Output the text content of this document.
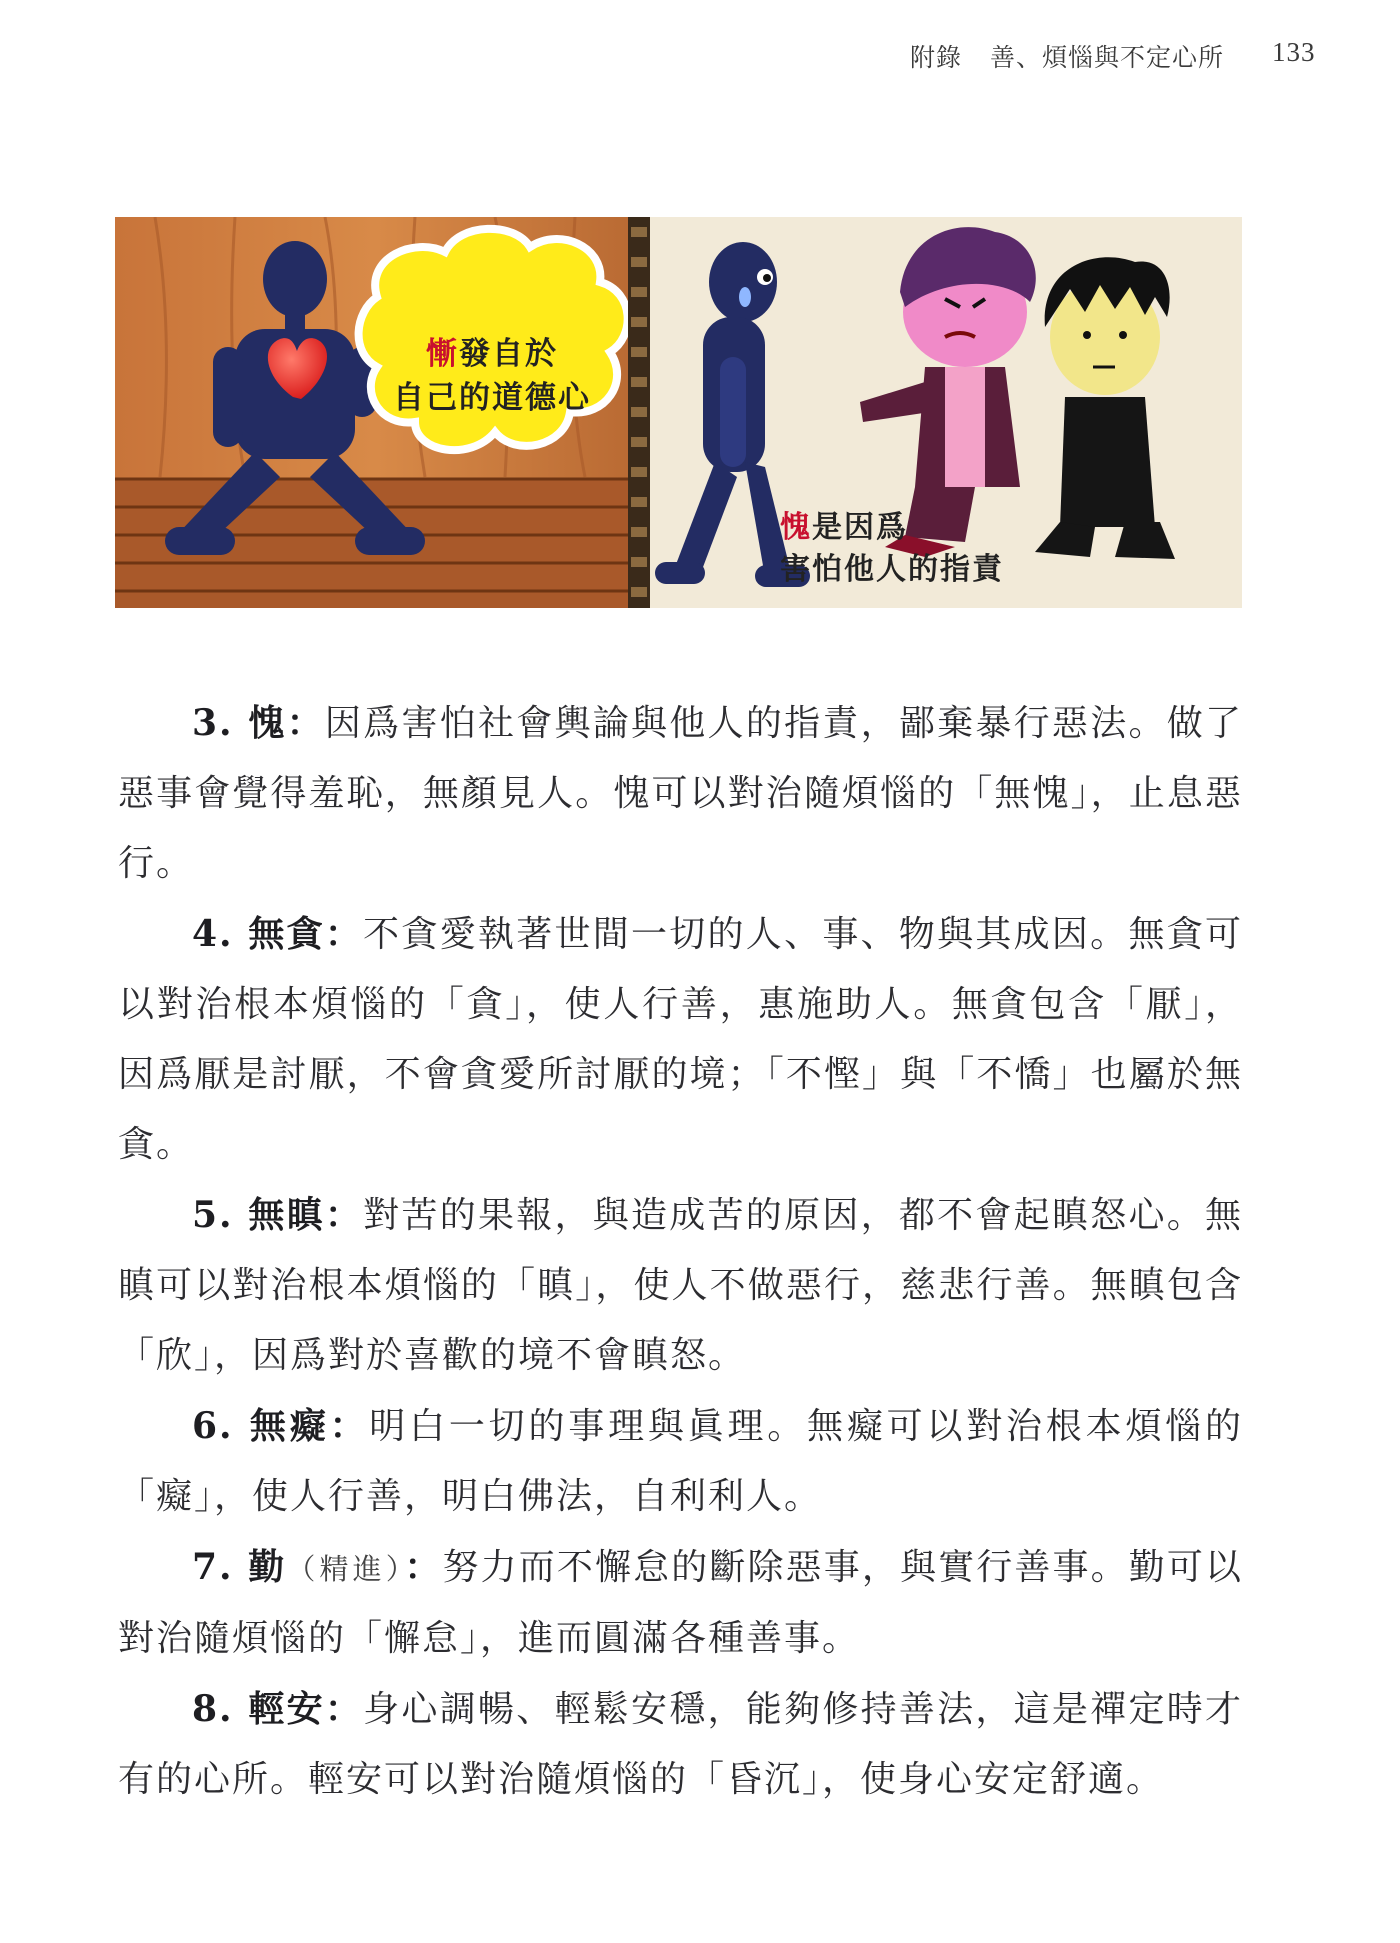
附錄 善、煩惱與不定心所 133
慚發自於
自己的道德心
愧是因爲
害怕他人的指責

3. 愧：因爲害怕社會輿論與他人的指責，鄙棄暴行惡法。做了惡事會覺得羞恥，無顏見人。愧可以對治隨煩惱的「無愧」，止息惡行。

4. 無貪：不貪愛執著世間一切的人、事、物與其成因。無貪可以對治根本煩惱的「貪」，使人行善，惠施助人。無貪包含「厭」，因爲厭是討厭，不會貪愛所討厭的境；「不慳」與「不憍」也屬於無貪。

5. 無瞋：對苦的果報，與造成苦的原因，都不會起瞋怒心。無瞋可以對治根本煩惱的「瞋」，使人不做惡行，慈悲行善。無瞋包含「欣」，因爲對於喜歡的境不會瞋怒。

6. 無癡：明白一切的事理與眞理。無癡可以對治根本煩惱的「癡」，使人行善，明白佛法，自利利人。

7. 勤（精進）：努力而不懈怠的斷除惡事，與實行善事。勤可以對治隨煩惱的「懈怠」，進而圓滿各種善事。

8. 輕安：身心調暢、輕鬆安穩，能夠修持善法，這是禪定時才有的心所。輕安可以對治隨煩惱的「昏沉」，使身心安定舒適。
